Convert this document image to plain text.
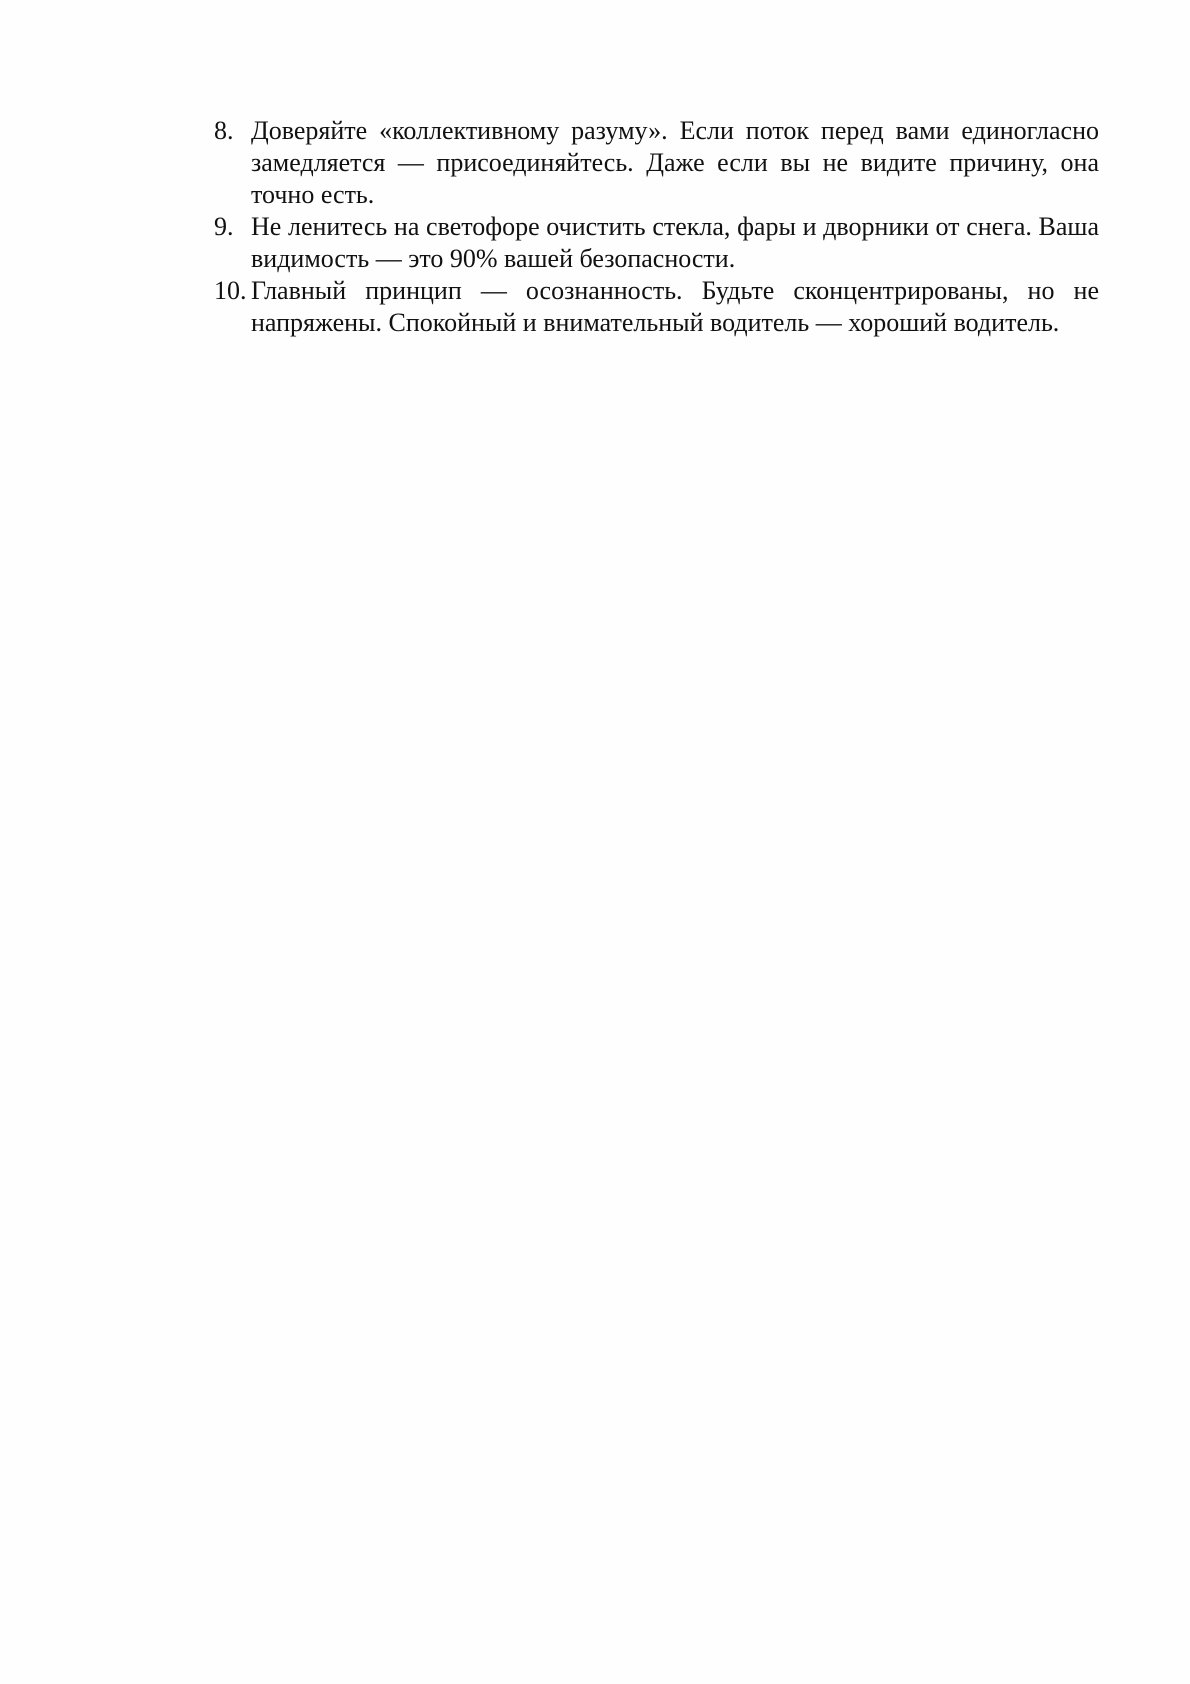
8. Доверяйте «коллективному разуму». Если поток перед вами единогласно замедляется — присоединяйтесь. Даже если вы не видите причину, она точно есть.
9. Не ленитесь на светофоре очистить стекла, фары и дворники от снега. Ваша видимость — это 90% вашей безопасности.
10. Главный принцип — осознанность. Будьте сконцентрированы, но не напряжены. Спокойный и внимательный водитель — хороший водитель.
